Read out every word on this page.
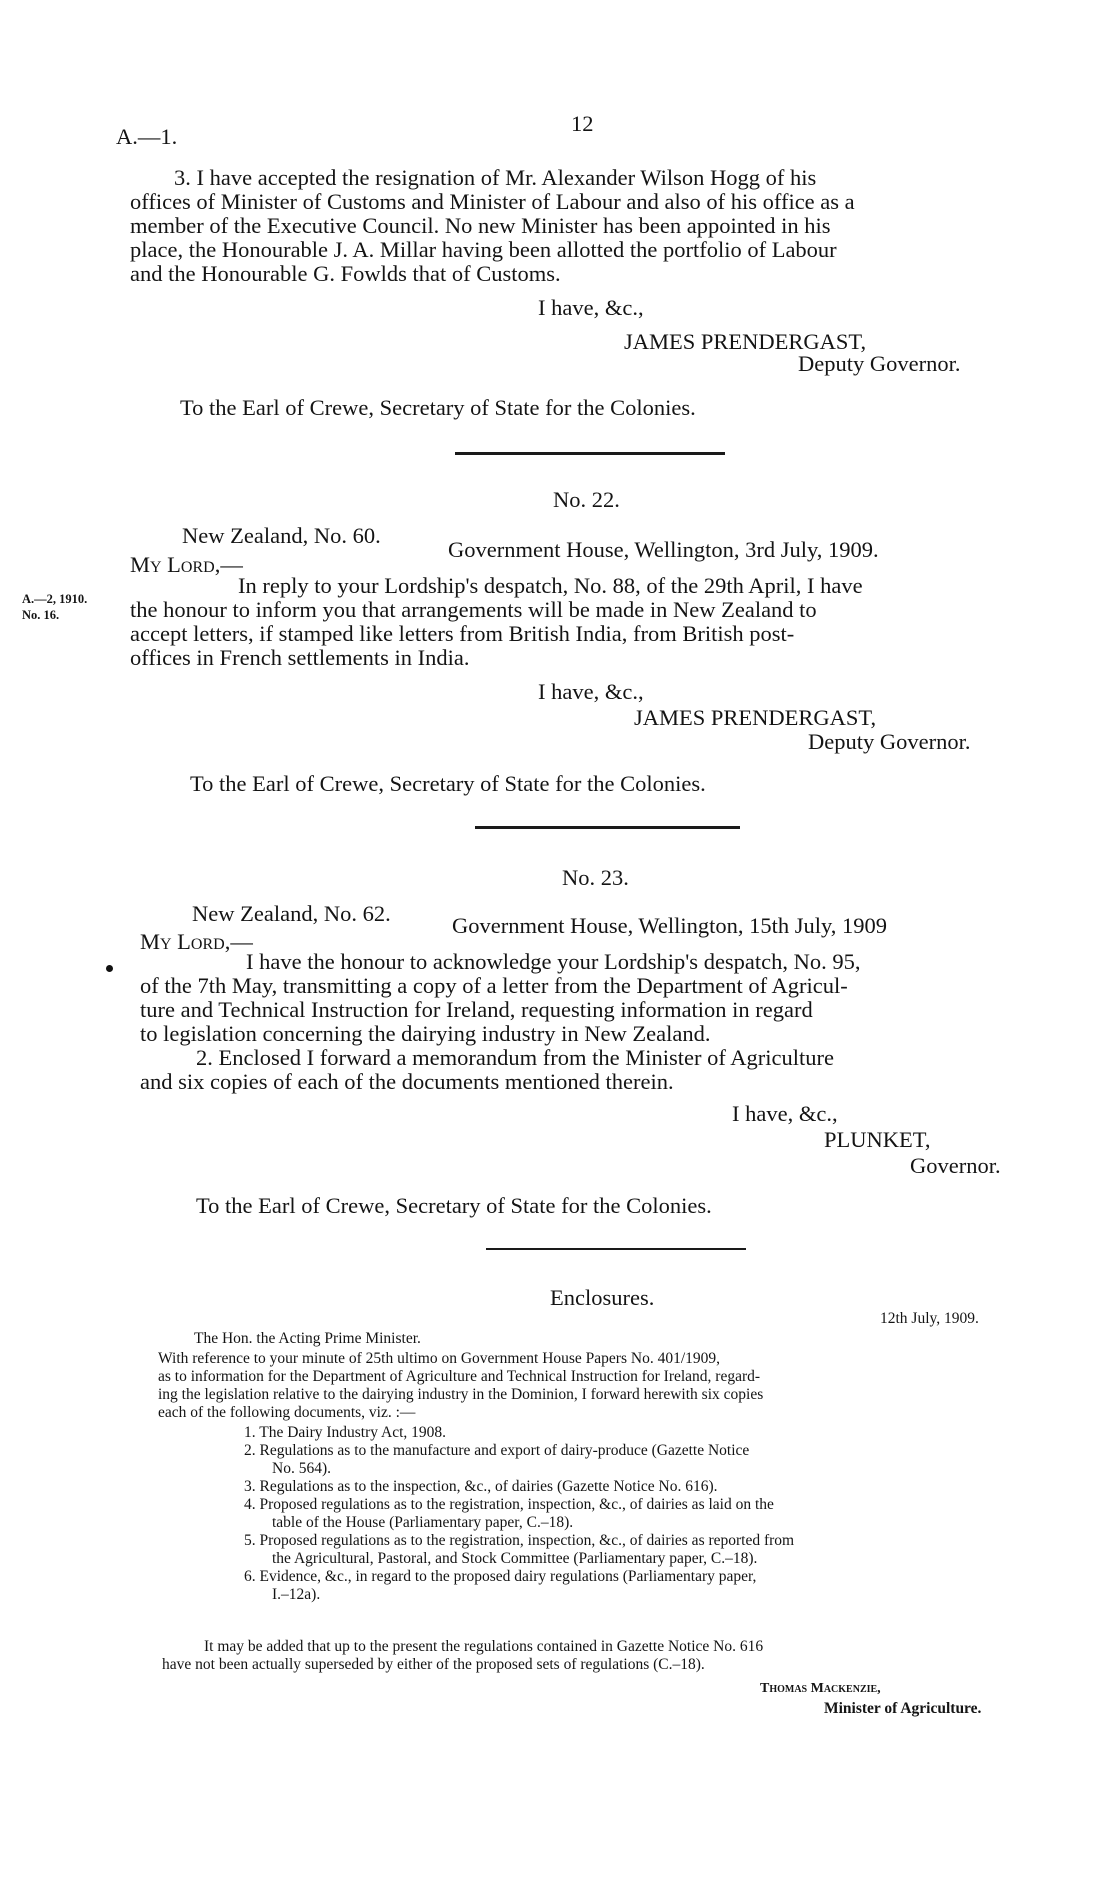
A.—1.
12
3. I have accepted the resignation of Mr. Alexander Wilson Hogg of his
offices of Minister of Customs and Minister of Labour and also of his office as a
member of the Executive Council. No new Minister has been appointed in his
place, the Honourable J. A. Millar having been allotted the portfolio of Labour
and the Honourable G. Fowlds that of Customs.
I have, &c.,
JAMES PRENDERGAST,
Deputy Governor.
To the Earl of Crewe, Secretary of State for the Colonies.
No. 22.
New Zealand, No. 60.
Government House, Wellington, 3rd July, 1909.
My Lord,—
A.—2, 1910.
No. 16.
In reply to your Lordship's despatch, No. 88, of the 29th April, I have
the honour to inform you that arrangements will be made in New Zealand to
accept letters, if stamped like letters from British India, from British post-
offices in French settlements in India.
I have, &c.,
JAMES PRENDERGAST,
Deputy Governor.
To the Earl of Crewe, Secretary of State for the Colonies.
No. 23.
New Zealand, No. 62.	Government House, Wellington, 15th July, 1909
My Lord,—
I have the honour to acknowledge your Lordship's despatch, No. 95,
of the 7th May, transmitting a copy of a letter from the Department of Agricul-
ture and Technical Instruction for Ireland, requesting information in regard
to legislation concerning the dairying industry in New Zealand.
2. Enclosed I forward a memorandum from the Minister of Agriculture
and six copies of each of the documents mentioned therein.
I have, &c.,
PLUNKET,
Governor.
To the Earl of Crewe, Secretary of State for the Colonies.
Enclosures.
12th July, 1909.
The Hon. the Acting Prime Minister.
With reference to your minute of 25th ultimo on Government House Papers No. 401/1909,
as to information for the Department of Agriculture and Technical Instruction for Ireland, regard-
ing the legislation relative to the dairying industry in the Dominion, I forward herewith six copies
each of the following documents, viz. :—
1. The Dairy Industry Act, 1908.
2. Regulations as to the manufacture and export of dairy-produce (Gazette Notice
No. 564).
3. Regulations as to the inspection, &c., of dairies (Gazette Notice No. 616).
4. Proposed regulations as to the registration, inspection, &c., of dairies as laid on the
table of the House (Parliamentary paper, C.–18).
5. Proposed regulations as to the registration, inspection, &c., of dairies as reported from
the Agricultural, Pastoral, and Stock Committee (Parliamentary paper, C.–18).
6. Evidence, &c., in regard to the proposed dairy regulations (Parliamentary paper,
I.–12a).
It may be added that up to the present the regulations contained in Gazette Notice No. 616
have not been actually superseded by either of the proposed sets of regulations (C.–18).
Thomas Mackenzie,
Minister of Agriculture.
